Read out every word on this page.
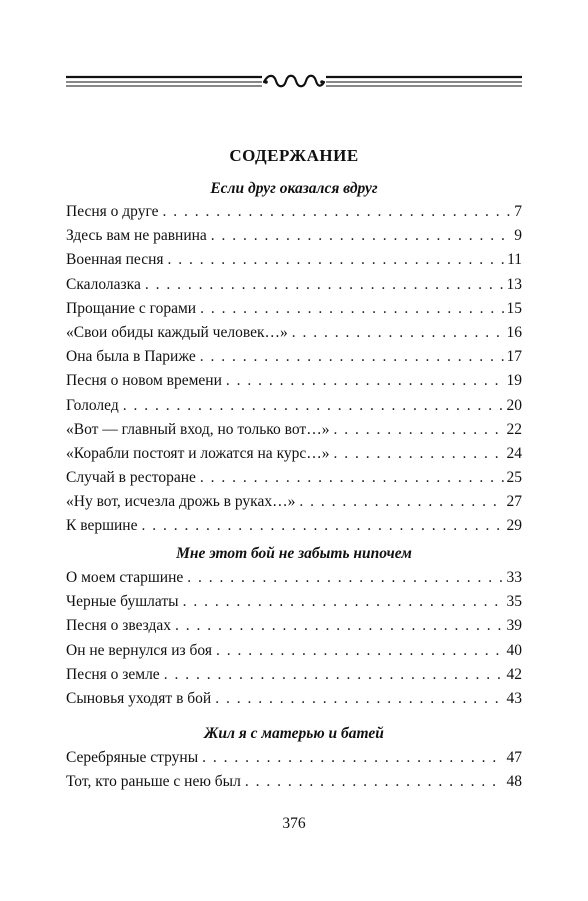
СОДЕРЖАНИЕ
Если друг оказался вдруг
Песня о друге . . .	7
Здесь вам не равнина . . .	9
Военная песня . . .	11
Скалолазка . . .	13
Прощание с горами . . .	15
«Свои обиды каждый человек…» . . .	16
Она была в Париже . . .	17
Песня о новом времени . . .	19
Гололед . . .	20
«Вот — главный вход, но только вот…» . . .	22
«Корабли постоят и ложатся на курс…» . . .	24
Случай в ресторане . . .	25
«Ну вот, исчезла дрожь в руках…» . . .	27
К вершине . . .	29
Мне этот бой не забыть нипочем
О моем старшине . . .	33
Черные бушлаты . . .	35
Песня о звездах . . .	39
Он не вернулся из боя . . .	40
Песня о земле . . .	42
Сыновья уходят в бой . . .	43
Жил я с матерью и батей
Серебряные струны . . .	47
Тот, кто раньше с нею был . . .	48
376
